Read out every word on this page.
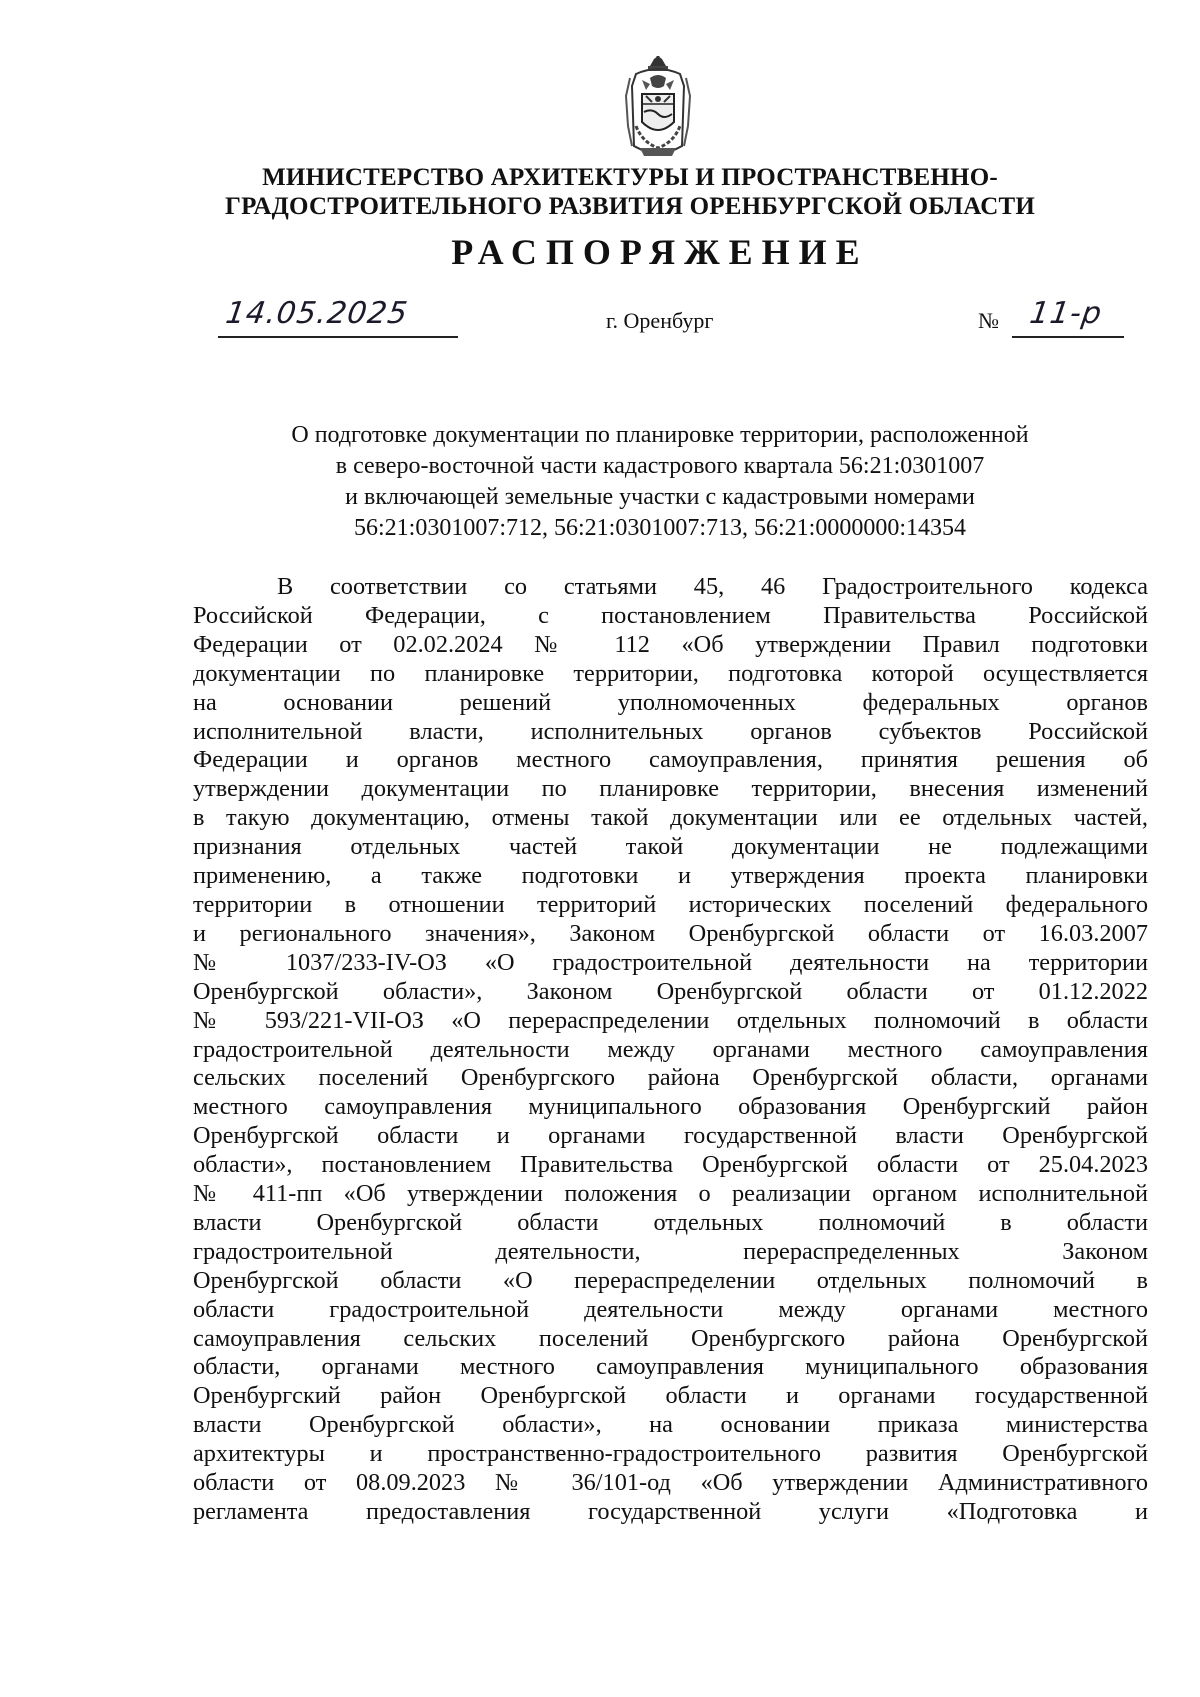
МИНИСТЕРСТВО АРХИТЕКТУРЫ И ПРОСТРАНСТВЕННО-
ГРАДОСТРОИТЕЛЬНОГО РАЗВИТИЯ ОРЕНБУРГСКОЙ ОБЛАСТИ
РАСПОРЯЖЕНИЕ
14.05.2025	г. Оренбург	№ 11-р
О подготовке документации по планировке территории, расположенной
в северо-восточной части кадастрового квартала 56:21:0301007
и включающей земельные участки с кадастровыми номерами
56:21:0301007:712, 56:21:0301007:713, 56:21:0000000:14354
В соответствии со статьями 45, 46 Градостроительного кодекса
Российской Федерации, с постановлением Правительства Российской
Федерации от 02.02.2024 № 112 «Об утверждении Правил подготовки
документации по планировке территории, подготовка которой осуществляется
на основании решений уполномоченных федеральных органов
исполнительной власти, исполнительных органов субъектов Российской
Федерации и органов местного самоуправления, принятия решения об
утверждении документации по планировке территории, внесения изменений
в такую документацию, отмены такой документации или ее отдельных частей,
признания отдельных частей такой документации не подлежащими
применению, а также подготовки и утверждения проекта планировки
территории в отношении территорий исторических поселений федерального
и регионального значения», Законом Оренбургской области от 16.03.2007
№ 1037/233-IV-ОЗ «О градостроительной деятельности на территории
Оренбургской области», Законом Оренбургской области от 01.12.2022
№ 593/221-VII-ОЗ «О перераспределении отдельных полномочий в области
градостроительной деятельности между органами местного самоуправления
сельских поселений Оренбургского района Оренбургской области, органами
местного самоуправления муниципального образования Оренбургский район
Оренбургской области и органами государственной власти Оренбургской
области», постановлением Правительства Оренбургской области от 25.04.2023
№ 411-пп «Об утверждении положения о реализации органом исполнительной
власти Оренбургской области отдельных полномочий в области
градостроительной деятельности, перераспределенных Законом
Оренбургской области «О перераспределении отдельных полномочий в
области градостроительной деятельности между органами местного
самоуправления сельских поселений Оренбургского района Оренбургской
области, органами местного самоуправления муниципального образования
Оренбургский район Оренбургской области и органами государственной
власти Оренбургской области», на основании приказа министерства
архитектуры и пространственно-градостроительного развития Оренбургской
области от 08.09.2023 № 36/101-од «Об утверждении Административного
регламента предоставления государственной услуги «Подготовка и
